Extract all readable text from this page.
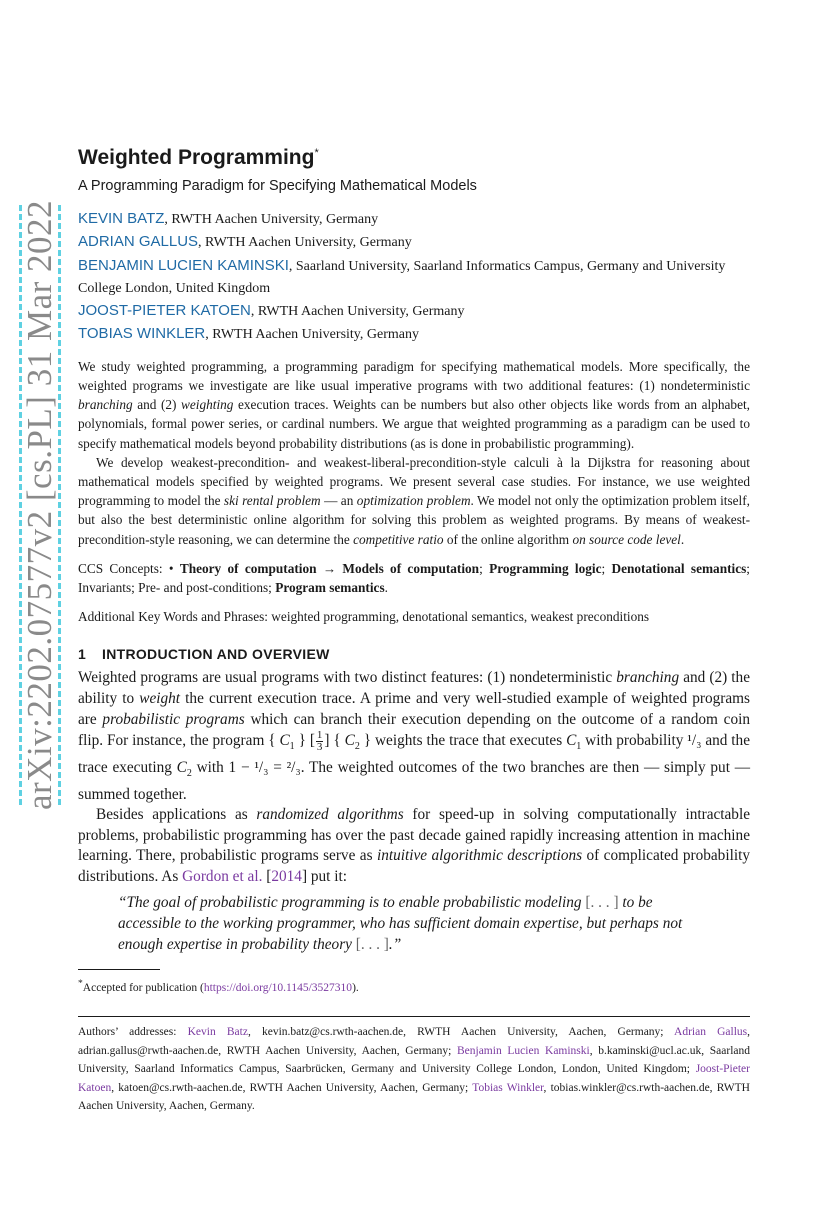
arXiv:2202.07577v2 [cs.PL] 31 Mar 2022
Weighted Programming*
A Programming Paradigm for Specifying Mathematical Models
KEVIN BATZ, RWTH Aachen University, Germany
ADRIAN GALLUS, RWTH Aachen University, Germany
BENJAMIN LUCIEN KAMINSKI, Saarland University, Saarland Informatics Campus, Germany and University College London, United Kingdom
JOOST-PIETER KATOEN, RWTH Aachen University, Germany
TOBIAS WINKLER, RWTH Aachen University, Germany

We study weighted programming, a programming paradigm for specifying mathematical models. More specifically, the weighted programs we investigate are like usual imperative programs with two additional features: (1) nondeterministic branching and (2) weighting execution traces. Weights can be numbers but also other objects like words from an alphabet, polynomials, formal power series, or cardinal numbers. We argue that weighted programming as a paradigm can be used to specify mathematical models beyond probability distributions (as is done in probabilistic programming).

We develop weakest-precondition- and weakest-liberal-precondition-style calculi à la Dijkstra for reasoning about mathematical models specified by weighted programs. We present several case studies. For instance, we use weighted programming to model the ski rental problem — an optimization problem. We model not only the optimization problem itself, but also the best deterministic online algorithm for solving this problem as weighted programs. By means of weakest-precondition-style reasoning, we can determine the competitive ratio of the online algorithm on source code level.

CCS Concepts: • Theory of computation → Models of computation; Programming logic; Denotational semantics; Invariants; Pre- and post-conditions; Program semantics.
Additional Key Words and Phrases: weighted programming, denotational semantics, weakest preconditions
1 INTRODUCTION AND OVERVIEW

Weighted programs are usual programs with two distinct features: (1) nondeterministic branching and (2) the ability to weight the current execution trace. A prime and very well-studied example of weighted programs are probabilistic programs which can branch their execution depending on the outcome of a random coin flip. For instance, the program { $C_1$ } [ $\frac{1}{3}$ ] { $C_2$ } weights the trace that executes $C_1$ with probability ¹/₃ and the trace executing $C_2$ with 1 − ¹/₃ = ²/₃. The weighted outcomes of the two branches are then — simply put — summed together.

Besides applications as randomized algorithms for speed-up in solving computationally intractable problems, probabilistic programming has over the past decade gained rapidly increasing attention in machine learning. There, probabilistic programs serve as intuitive algorithmic descriptions of complicated probability distributions. As Gordon et al. [2014] put it:

“The goal of probabilistic programming is to enable probabilistic modeling [. . . ] to be accessible to the working programmer, who has sufficient domain expertise, but perhaps not enough expertise in probability theory [. . . ].”
*Accepted for publication (https://doi.org/10.1145/3527310).
Authors’ addresses: Kevin Batz, kevin.batz@cs.rwth-aachen.de, RWTH Aachen University, Aachen, Germany; Adrian Gallus, adrian.gallus@rwth-aachen.de, RWTH Aachen University, Aachen, Germany; Benjamin Lucien Kaminski, b.kaminski@ucl.ac.uk, Saarland University, Saarland Informatics Campus, Saarbrücken, Germany and University College London, London, United Kingdom; Joost-Pieter Katoen, katoen@cs.rwth-aachen.de, RWTH Aachen University, Aachen, Germany; Tobias Winkler, tobias.winkler@cs.rwth-aachen.de, RWTH Aachen University, Aachen, Germany.
